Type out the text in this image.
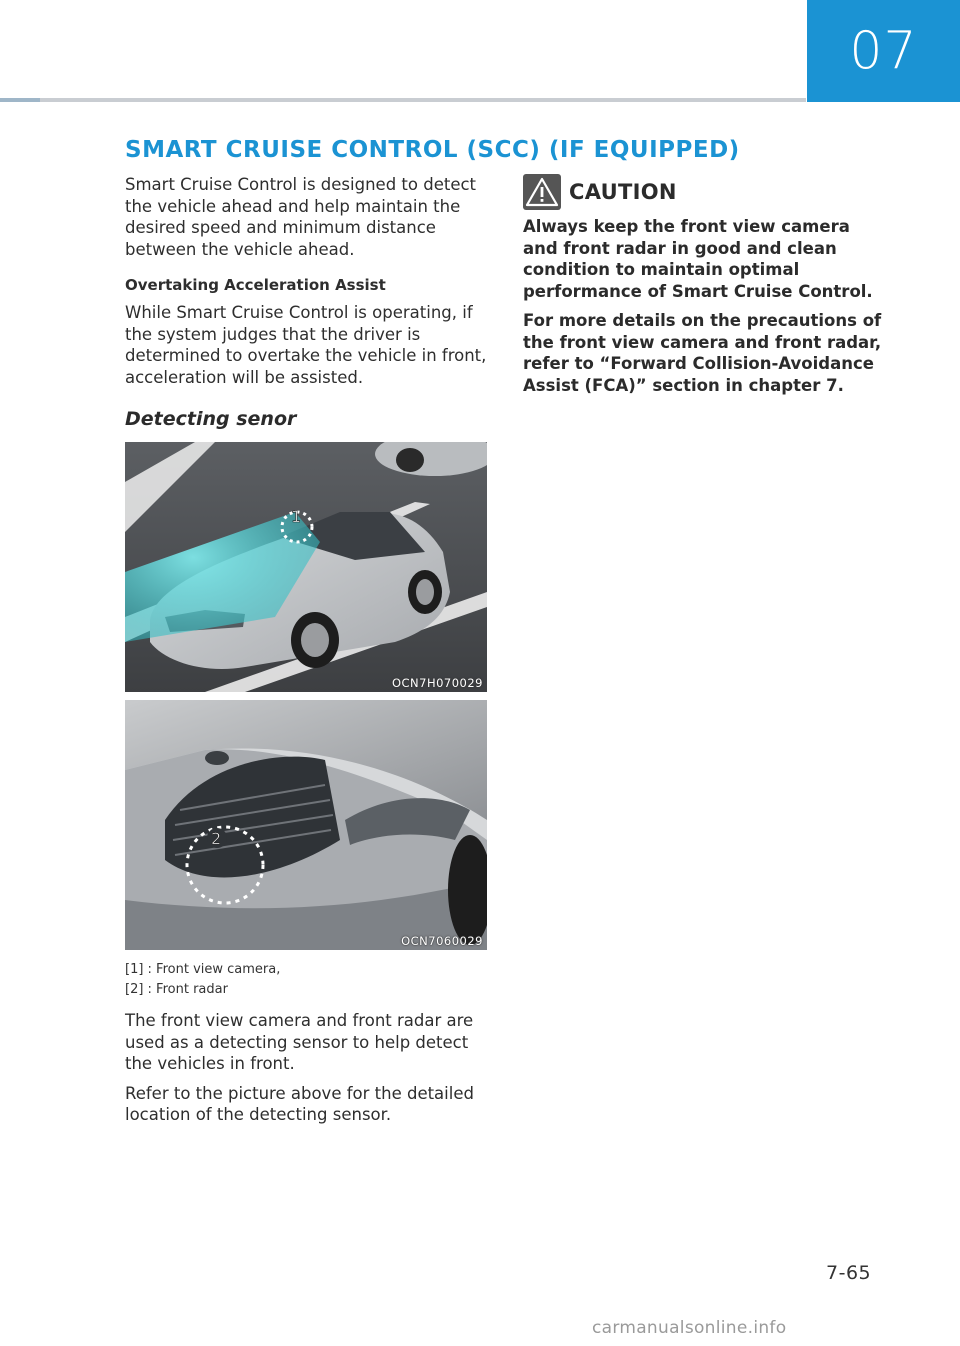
07
SMART CRUISE CONTROL (SCC) (IF EQUIPPED)

Smart Cruise Control is designed to detect the vehicle ahead and help maintain the desired speed and minimum distance between the vehicle ahead.

Overtaking Acceleration Assist

While Smart Cruise Control is operating, if the system judges that the driver is determined to overtake the vehicle in front, acceleration will be assisted.

Detecting senor
1
OCN7H070029
2
OCN7060029

[1] : Front view camera,

[2] : Front radar

The front view camera and front radar are used as a detecting sensor to help detect the vehicles in front.

Refer to the picture above for the detailed location of the detecting sensor.

CAUTION

Always keep the front view camera and front radar in good and clean condition to maintain optimal performance of Smart Cruise Control.

For more details on the precautions of the front view camera and front radar, refer to “Forward Collision-Avoidance Assist (FCA)” section in chapter 7.

7-65
carmanualsonline.info
